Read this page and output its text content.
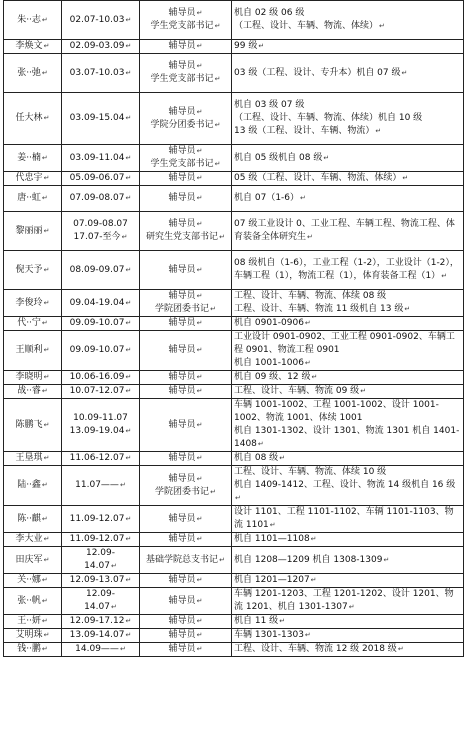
朱··志↵	02.07-10.03↵	辅导员↵
学生党支部书记↵	机自 02 级 06 级
（工程、设计、车辆、物流、体续）↵
李焕文↵	02.09-03.09↵	辅导员↵	99 级↵
张··弛↵	03.07-10.03↵	辅导员↵
学生党支部书记↵	03 级（工程、设计、专升本）机自 07 级↵
任大林↵	03.09-15.04↵	辅导员↵
学院分团委书记↵	机自 03 级 07 级
（工程、设计、车辆、物流、体续）机自 10 级
13 级（工程、设计、车辆、物流）↵
姜··楠↵	03.09-11.04↵	辅导员↵
学生党支部书记↵	机自 05 级机自 08 级↵
代忠宇↵	05.09-06.07↵	辅导员↵	05 级（工程、设计、车辆、物流、体续）↵
唐··虹↵	07.09-08.07↵	辅导员↵	机自 07（1-6）↵
黎丽丽↵	07.09-08.07
17.07-至今↵	辅导员↵
研究生党支部书记↵	07 级工业设计 0、工业工程、车辆工程、物流工程、体育装备全体研究生↵
倪天予↵	08.09-09.07↵	辅导员↵	08 级机自（1-6），工业工程（1-2），工业设计（1-2），车辆工程（1），物流工程（1），体育装备工程（1）↵
李俊玲↵	09.04-19.04↵	辅导员↵
学院团委书记↵	工程、设计、车辆、物流、体续 08 级
工程、设计、车辆、物流 11 级机自 13 级↵
代··宁↵	09.09-10.07↵	辅导员↵	机自 0901-0906↵
王顺利↵	09.09-10.07↵	辅导员↵	工业设计 0901-0902、工业工程 0901-0902、车辆工程 0901、物流工程 0901
机自 1001-1006↵
李晓明↵	10.06-16.09↵	辅导员↵	机自 09 级、12 级↵
战··睿↵	10.07-12.07↵	辅导员↵	工程、设计、车辆、物流 09 级↵
陈鹏飞↵	10.09-11.07
13.09-19.04↵	辅导员↵	车辆 1001-1002、工程 1001-1002、设计 1001-1002、物流 1001、体续 1001
机自 1301-1302、设计 1301、物流 1301 机自 1401-1408↵
王垦琪↵	11.06-12.07↵	辅导员↵	机自 08 级↵
陆··鑫↵	11.07——↵	辅导员↵
学院团委书记↵	工程、设计、车辆、物流、体续 10 级
机自 1409-1412、工程、设计、物流 14 级机自 16 级↵
陈··麒↵	11.09-12.07↵	辅导员↵	设计 1101、工程 1101-1102、车辆 1101-1103、物流 1101↵
李大业↵	11.09-12.07↵	辅导员↵	机自 1101—1108↵
田庆军↵	12.09-
14.07↵	基础学院总支书记↵	机自 1208—1209 机自 1308-1309↵
关··娜↵	12.09-13.07↵	辅导员↵	机自 1201—1207↵
张··帆↵	12.09-
14.07↵	辅导员↵	车辆 1201-1203、工程 1201-1202、设计 1201、物流 1201、机自 1301-1307↵
王··妍↵	12.09-17.12↵	辅导员↵	机自 11 级↵
艾明珠↵	13.09-14.07↵	辅导员↵	车辆 1301-1303↵
钱··鹏↵	14.09——↵	辅导员↵	工程、设计、车辆、物流 12 级 2018 级↵
